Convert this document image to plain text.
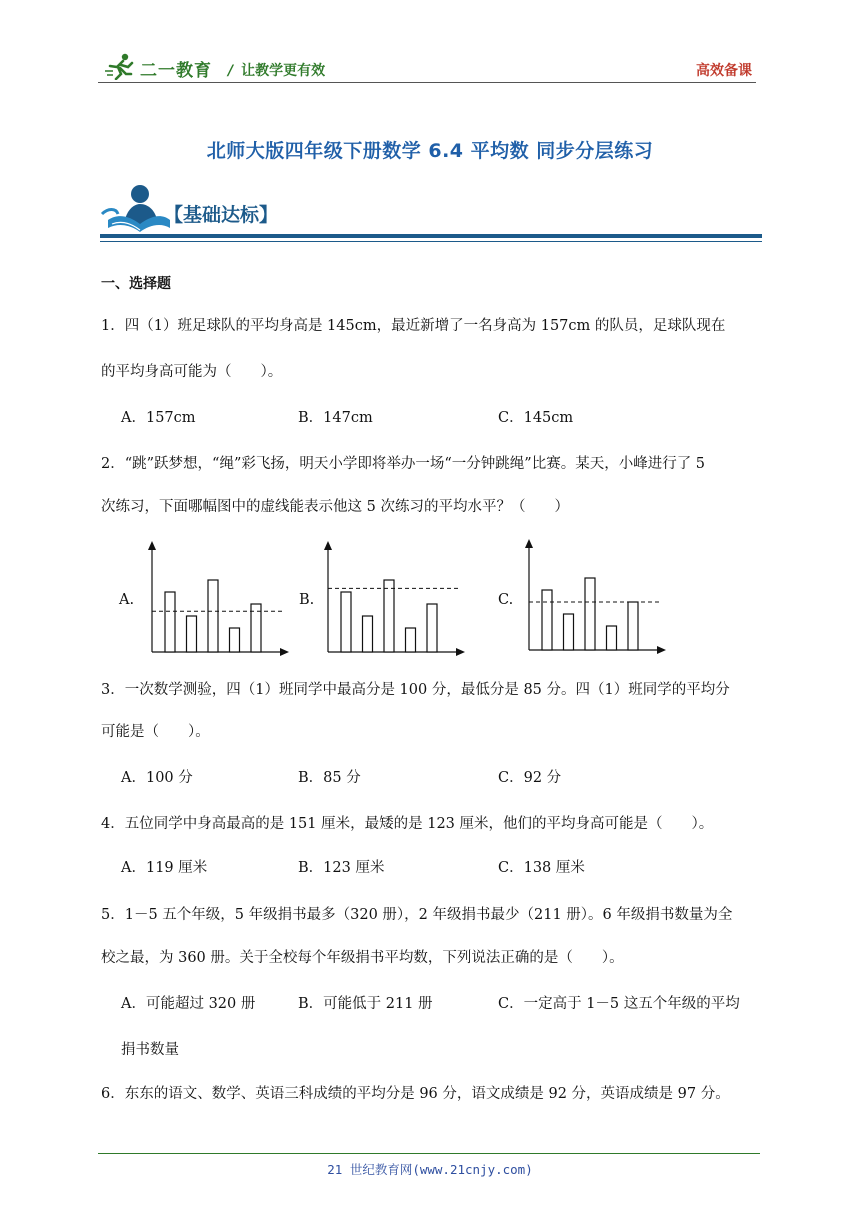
二一教育 / 让教学更有效	高效备课
北师大版四年级下册数学 6.4 平均数 同步分层练习
【基础达标】
一、选择题
1．四（1）班足球队的平均身高是 145cm，最近新增了一名身高为 157cm 的队员，足球队现在
的平均身高可能为（　　）。
A．157cm	B．147cm	C．145cm
2．“跳”跃梦想，“绳”彩飞扬，明天小学即将举办一场“一分钟跳绳”比赛。某天，小峰进行了 5
次练习，下面哪幅图中的虚线能表示他这 5 次练习的平均水平？（　　）
A.	B.	C.
3．一次数学测验，四（1）班同学中最高分是 100 分，最低分是 85 分。四（1）班同学的平均分
可能是（　　）。
A．100 分	B．85 分	C．92 分
4．五位同学中身高最高的是 151 厘米，最矮的是 123 厘米，他们的平均身高可能是（　　）。
A．119 厘米	B．123 厘米	C．138 厘米
5．1－5 五个年级，5 年级捐书最多（320 册），2 年级捐书最少（211 册）。6 年级捐书数量为全
校之最，为 360 册。关于全校每个年级捐书平均数，下列说法正确的是（　　）。
A．可能超过 320 册	B．可能低于 211 册	C．一定高于 1－5 这五个年级的平均
捐书数量
6．东东的语文、数学、英语三科成绩的平均分是 96 分，语文成绩是 92 分，英语成绩是 97 分。
21 世纪教育网(www.21cnjy.com)
